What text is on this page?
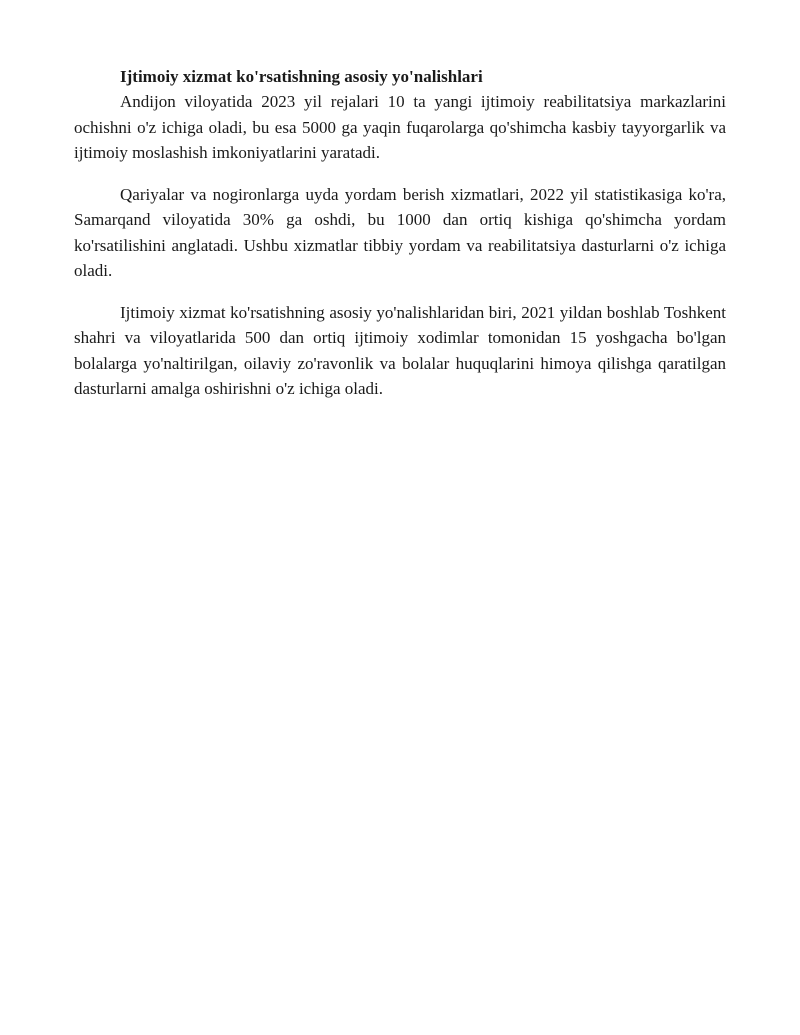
Ijtimoiy xizmat ko'rsatishning asosiy yo'nalishlari

Andijon viloyatida 2023 yil rejalari 10 ta yangi ijtimoiy reabilitatsiya markazlarini ochishni o'z ichiga oladi, bu esa 5000 ga yaqin fuqarolarga qo'shimcha kasbiy tayyorgarlik va ijtimoiy moslashish imkoniyatlarini yaratadi.

Qariyalar va nogironlarga uyda yordam berish xizmatlari, 2022 yil statistikasiga ko'ra, Samarqand viloyatida 30% ga oshdi, bu 1000 dan ortiq kishiga qo'shimcha yordam ko'rsatilishini anglatadi. Ushbu xizmatlar tibbiy yordam va reabilitatsiya dasturlarni o'z ichiga oladi.

Ijtimoiy xizmat ko'rsatishning asosiy yo'nalishlaridan biri, 2021 yildan boshlab Toshkent shahri va viloyatlarida 500 dan ortiq ijtimoiy xodimlar tomonidan 15 yoshgacha bo'lgan bolalarga yo'naltirilgan, oilaviy zo'ravonlik va bolalar huquqlarini himoya qilishga qaratilgan dasturlarni amalga oshirishni o'z ichiga oladi.
